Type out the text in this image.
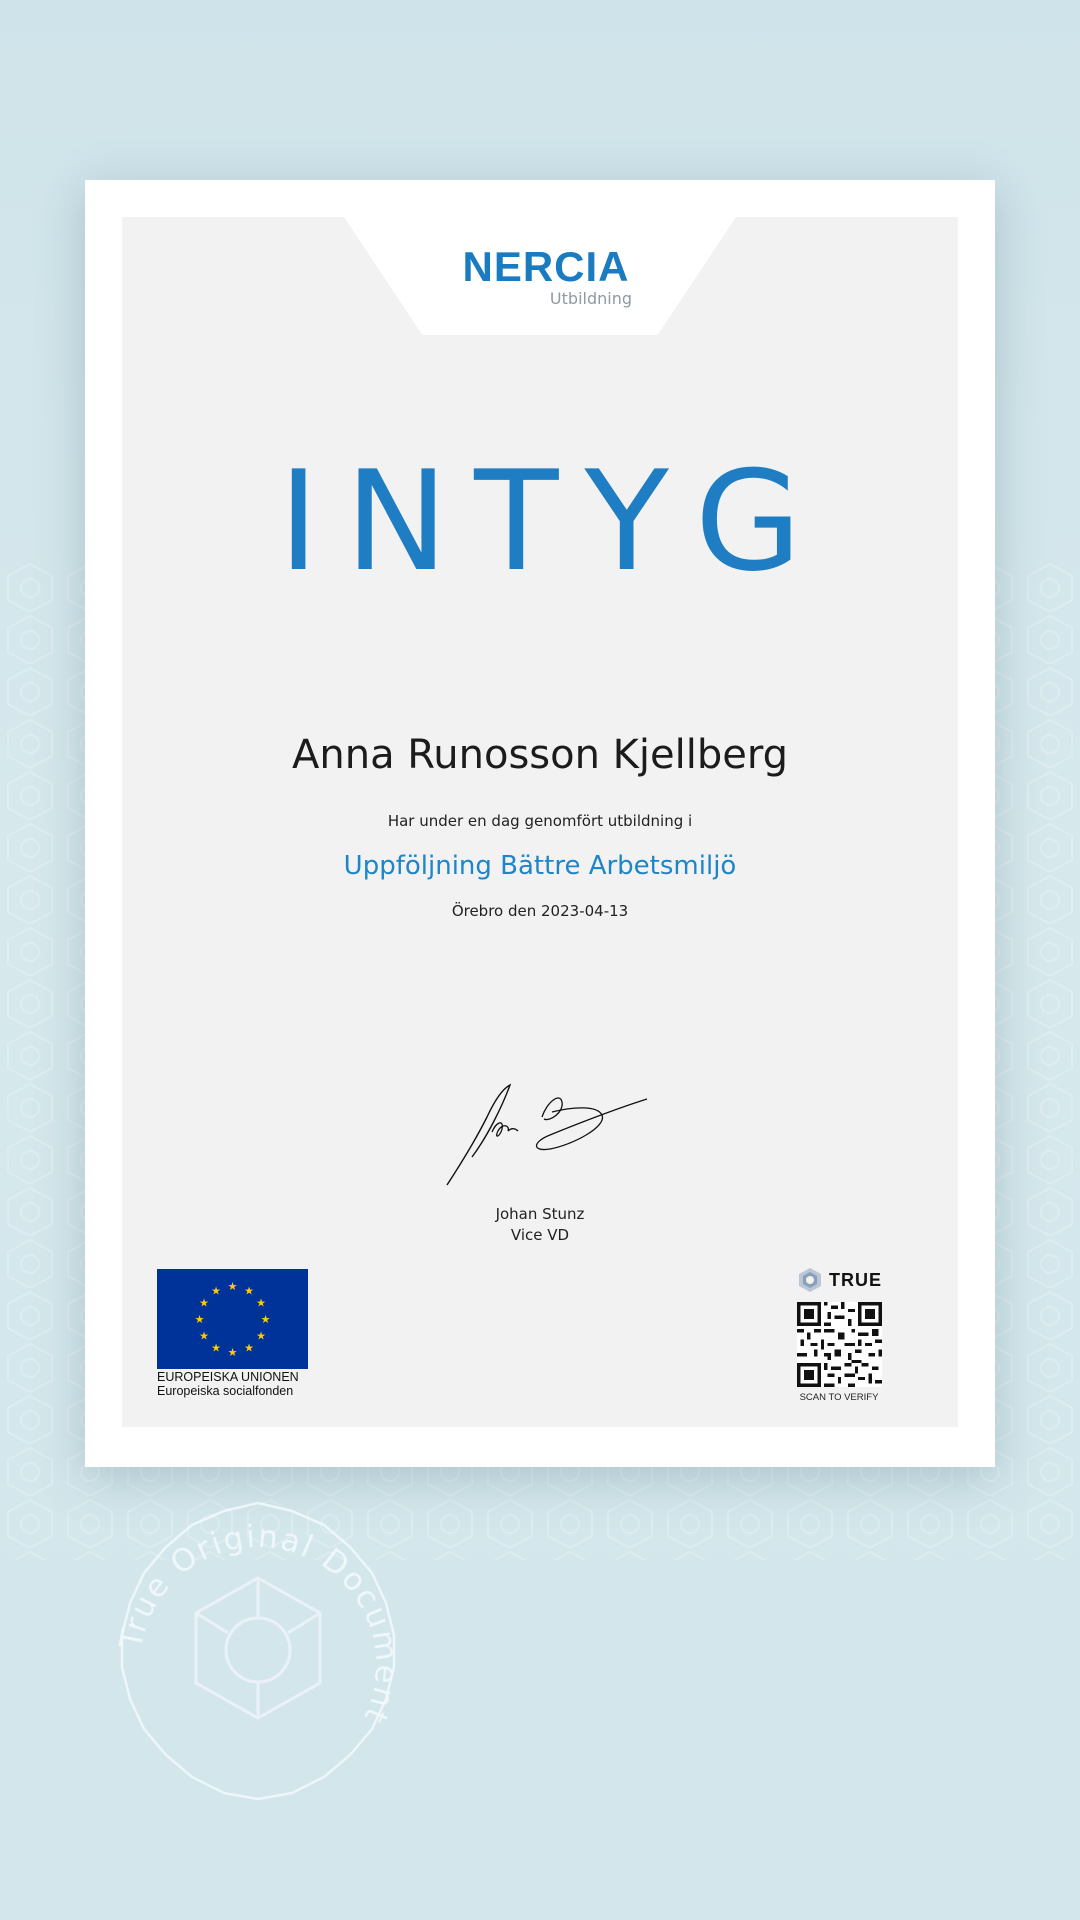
NERCIA
Utbildning
INTYG
Anna Runosson Kjellberg
Har under en dag genomfört utbildning i
Uppföljning Bättre Arbetsmiljö
Örebro den 2023-04-13
Johan Stunz
Vice VD
★ ★
★
★
★
★
★
★
★
★
★
★
EUROPEISKA UNIONEN
Europeiska socialfonden
TRUE
SCAN TO VERIFY
True Original Document
